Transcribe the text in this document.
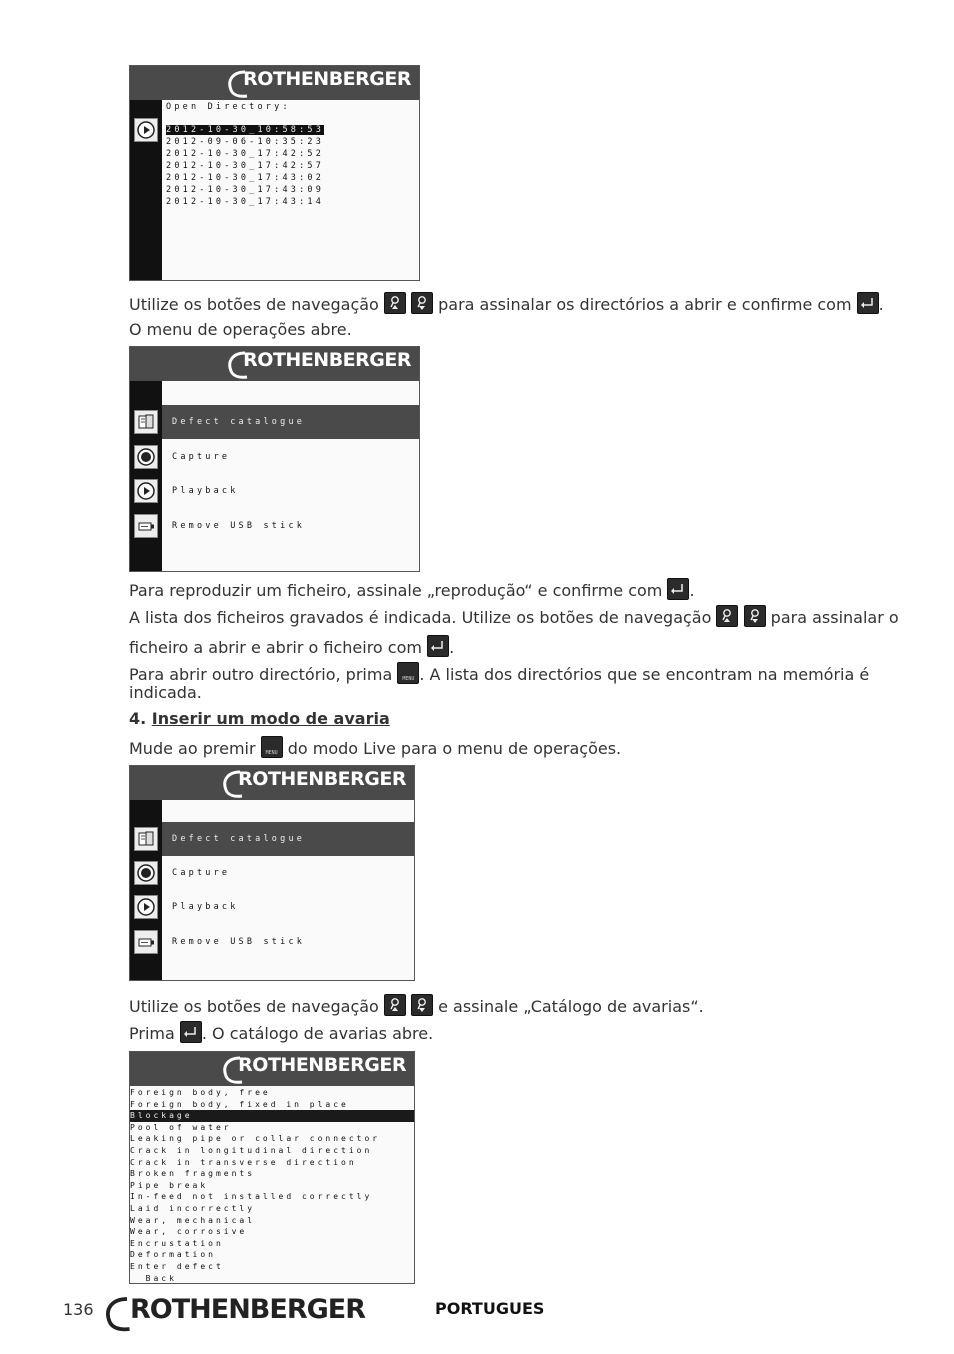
ROTHENBERGER
Open Directory:
2012-10-30_10:58:53
2012-09-06-10:35:23
2012-10-30_17:42:52
2012-10-30_17:42:57
2012-10-30_17:43:02
2012-10-30_17:43:09
2012-10-30_17:43:14
Utilize os botões de navegação
	para assinalar os directórios a abrir e confirme com .
O menu de operações abre.
ROTHENBERGER
Defect catalogue
Capture
Playback
Remove USB stick
Para reproduzir um ficheiro, assinale „reprodução“ e confirme com .
A lista dos ficheiros gravados é indicada. Utilize os botões de navegação
	para assinalar o
ficheiro a abrir e abrir o ficheiro com .
Para abrir outro directório, prima	MENU . A lista dos directórios que se encontram na memória é
indicada.
4. Inserir um modo de avaria
Mude ao premir	MENU do modo Live para o menu de operações.
ROTHENBERGER
Defect catalogue
Capture
Playback
Remove USB stick
Utilize os botões de navegação
	e assinale „Catálogo de avarias“.
Prima . O catálogo de avarias abre.
ROTHENBERGER
Foreign body, free
Foreign body, fixed in place
Blockage
Pool of water
Leaking pipe or collar connector
Crack in longitudinal direction
Crack in transverse direction
Broken fragments
Pipe break
In-feed not installed correctly
Laid incorrectly
Wear, mechanical
Wear, corrosive
Encrustation
Deformation
Enter defect
Back
136	ROTHENBERGER	PORTUGUES
